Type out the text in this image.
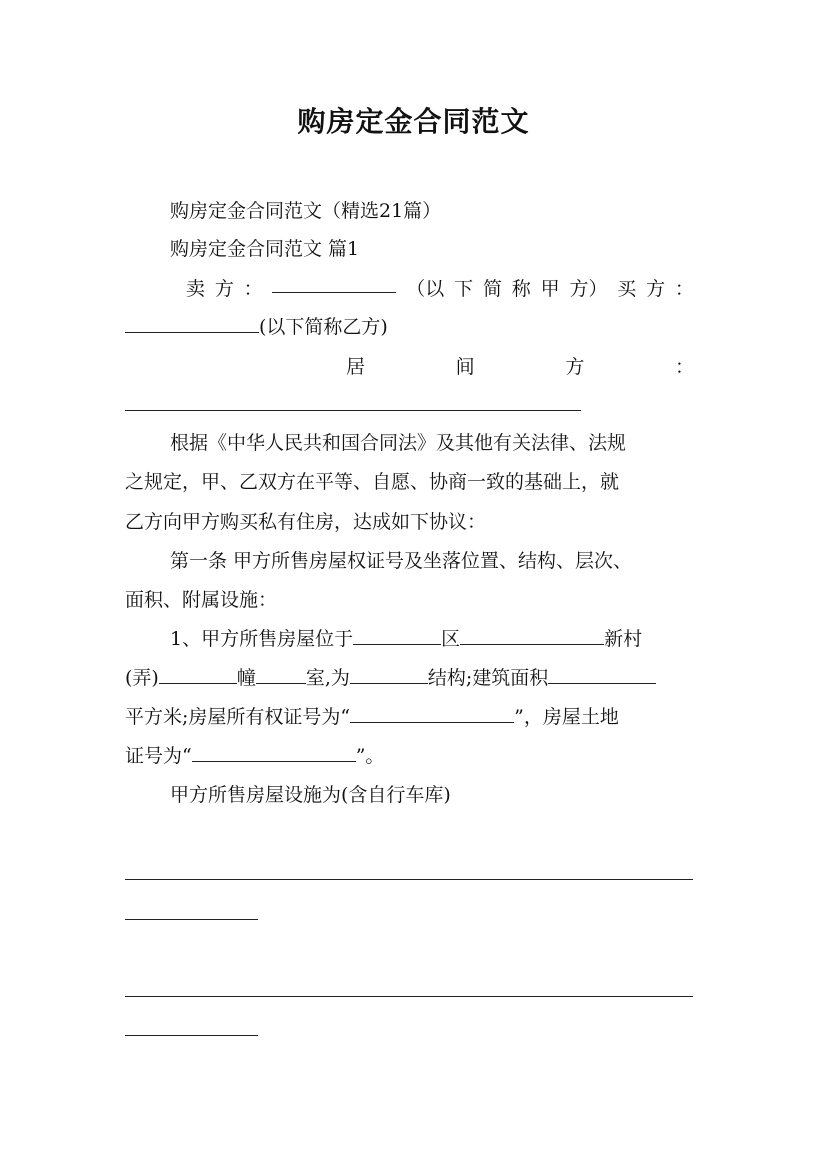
购房定金合同范文
购房定金合同范文（精选21篇）
购房定金合同范文 篇1
卖 方 ：	（以 下 简 称 甲 方） 买 方 ：
(以下简称乙方)
居	间	方	：
根据《中华人民共和国合同法》及其他有关法律、法规
之规定，甲、乙双方在平等、自愿、协商一致的基础上，就
乙方向甲方购买私有住房，达成如下协议：
第一条 甲方所售房屋权证号及坐落位置、结构、层次、
面积、附属设施：
1、甲方所售房屋位于	区	新村
(弄)	幢	室,为	结构;建筑面积
平方米;房屋所有权证号为“	”，房屋土地
证号为“	”。
甲方所售房屋设施为(含自行车库)
